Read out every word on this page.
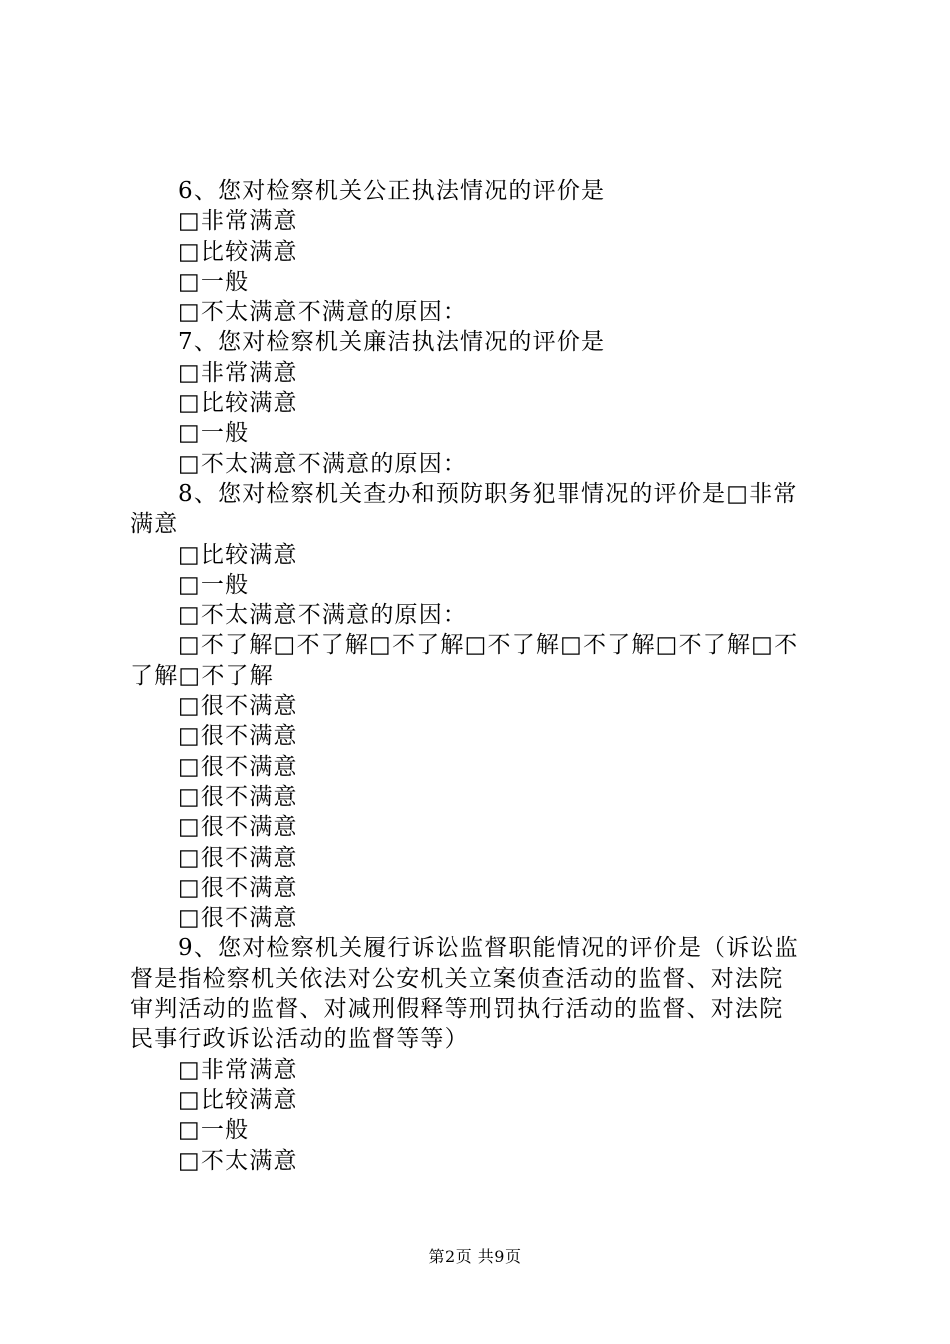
6、您对检察机关公正执法情况的评价是
□非常满意
□比较满意
□一般
□不太满意不满意的原因：
7、您对检察机关廉洁执法情况的评价是
□非常满意
□比较满意
□一般
□不太满意不满意的原因：
8、您对检察机关查办和预防职务犯罪情况的评价是□非常
满意
□比较满意
□一般
□不太满意不满意的原因：
□不了解□不了解□不了解□不了解□不了解□不了解□不
了解□不了解
□很不满意
□很不满意
□很不满意
□很不满意
□很不满意
□很不满意
□很不满意
□很不满意
9、您对检察机关履行诉讼监督职能情况的评价是（诉讼监
督是指检察机关依法对公安机关立案侦查活动的监督、对法院
审判活动的监督、对减刑假释等刑罚执行活动的监督、对法院
民事行政诉讼活动的监督等等）
□非常满意
□比较满意
□一般
□不太满意
第2页 共9页
